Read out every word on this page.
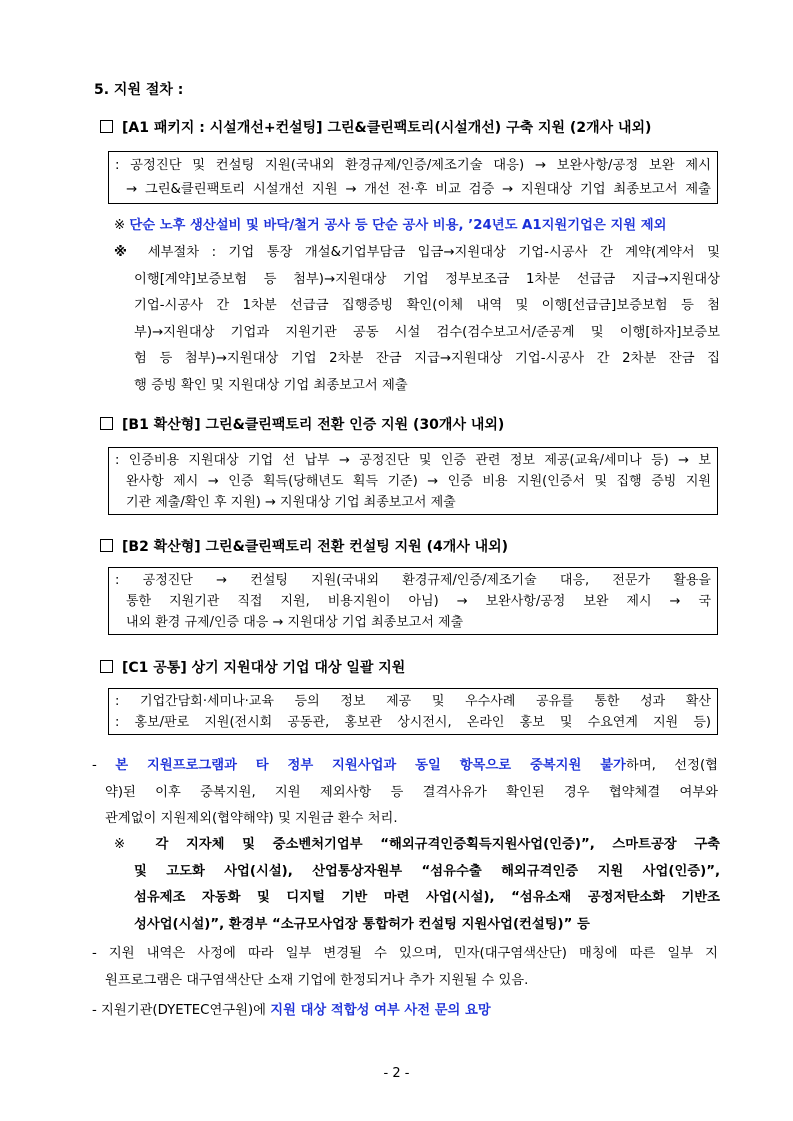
5. 지원 절차 :
[A1 패키지 : 시설개선+컨설팅] 그린&클린팩토리(시설개선) 구축 지원 (2개사 내외)
: 공정진단 및 컨설팅 지원(국내외 환경규제/인증/제조기술 대응) → 보완사항/공정 보완 제시
→ 그린&클린팩토리 시설개선 지원 → 개선 전·후 비교 검증 → 지원대상 기업 최종보고서 제출
※ 단순 노후 생산설비 및 바닥/철거 공사 등 단순 공사 비용, ’24년도 A1지원기업은 지원 제외
※ 세부절차 : 기업 통장 개설&기업부담금 입금→지원대상 기업-시공사 간 계약(계약서 및
이행[계약]보증보험 등 첨부)→지원대상 기업 정부보조금 1차분 선급금 지급→지원대상
기업-시공사 간 1차분 선급금 집행증빙 확인(이체 내역 및 이행[선급금]보증보험 등 첨
부)→지원대상 기업과 지원기관 공동 시설 검수(검수보고서/준공계 및 이행[하자]보증보
험 등 첨부)→지원대상 기업 2차분 잔금 지급→지원대상 기업-시공사 간 2차분 잔금 집
행 증빙 확인 및 지원대상 기업 최종보고서 제출
[B1 확산형] 그린&클린팩토리 전환 인증 지원 (30개사 내외)
: 인증비용 지원대상 기업 선 납부 → 공정진단 및 인증 관련 정보 제공(교육/세미나 등) → 보
완사항 제시 → 인증 획득(당해년도 획득 기준) → 인증 비용 지원(인증서 및 집행 증빙 지원
기관 제출/확인 후 지원) → 지원대상 기업 최종보고서 제출
[B2 확산형] 그린&클린팩토리 전환 컨설팅 지원 (4개사 내외)
: 공정진단 → 컨설팅 지원(국내외 환경규제/인증/제조기술 대응, 전문가 활용을
통한 지원기관 직접 지원, 비용지원이 아님) → 보완사항/공정 보완 제시 → 국
내외 환경 규제/인증 대응 → 지원대상 기업 최종보고서 제출
[C1 공통] 상기 지원대상 기업 대상 일괄 지원
: 기업간담회·세미나·교육 등의 정보 제공 및 우수사례 공유를 통한 성과 확산
: 홍보/판로 지원(전시회 공동관, 홍보관 상시전시, 온라인 홍보 및 수요연계 지원 등)
- 본 지원프로그램과 타 정부 지원사업과 동일 항목으로 중복지원 불가하며, 선정(협
약)된 이후 중복지원, 지원 제외사항 등 결격사유가 확인된 경우 협약체결 여부와
관계없이 지원제외(협약해약) 및 지원금 환수 처리.
※ 각 지자체 및 중소벤처기업부 “해외규격인증획득지원사업(인증)”, 스마트공장 구축
및 고도화 사업(시설), 산업통상자원부 “섬유수출 해외규격인증 지원 사업(인증)”,
섬유제조 자동화 및 디지털 기반 마련 사업(시설), “섬유소재 공정저탄소화 기반조
성사업(시설)”, 환경부 “소규모사업장 통합허가 컨설팅 지원사업(컨설팅)” 등
- 지원 내역은 사정에 따라 일부 변경될 수 있으며, 민자(대구염색산단) 매칭에 따른 일부 지
원프로그램은 대구염색산단 소재 기업에 한정되거나 추가 지원될 수 있음.
- 지원기관(DYETEC연구원)에 지원 대상 적합성 여부 사전 문의 요망
- 2 -
